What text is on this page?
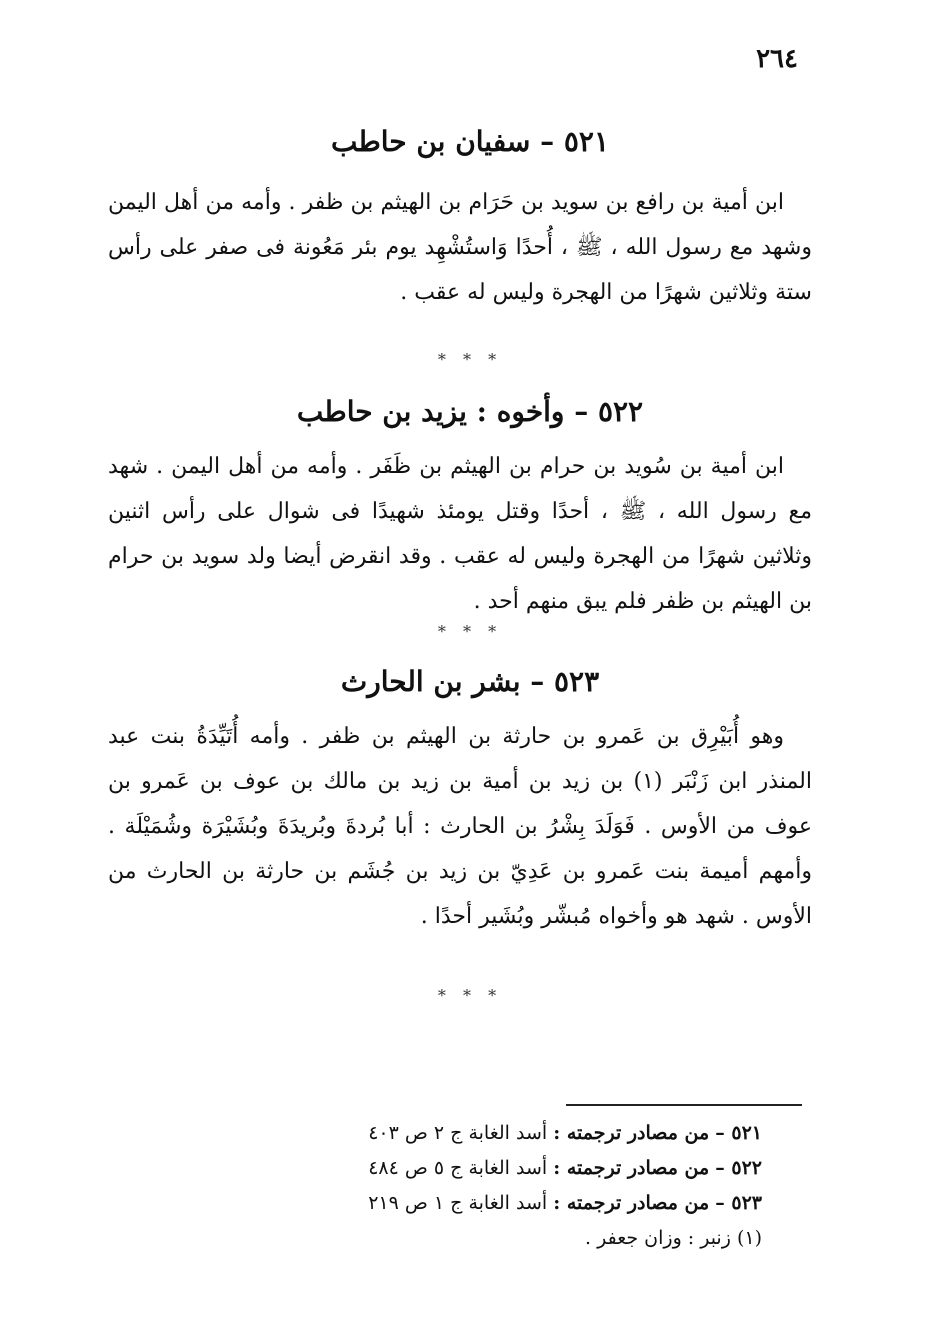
٢٦٤
٥٢١ – سفيان بن حاطب

ابن أمية بن رافع بن سويد بن حَرَام بن الهيثم بن ظفر . وأمه من أهل اليمن وشهد مع رسول الله ، ﷺ ، أُحدًا وَاستُشْهِد يوم بئر مَعُونة فى صفر على رأس ستة وثلاثين شهرًا من الهجرة وليس له عقب .

* * *
٥٢٢ – وأخوه : يزيد بن حاطب

ابن أمية بن سُويد بن حرام بن الهيثم بن ظَفَر . وأمه من أهل اليمن . شهد مع رسول الله ، ﷺ ، أحدًا وقتل يومئذ شهيدًا فى شوال على رأس اثنين وثلاثين شهرًا من الهجرة وليس له عقب . وقد انقرض أيضا ولد سويد بن حرام بن الهيثم بن ظفر فلم يبق منهم أحد .

* * *
٥٢٣ – بشر بن الحارث

وهو أُبَيْرِق بن عَمرو بن حارثة بن الهيثم بن ظفر . وأمه أُتَيِّدَةُ بنت عبد المنذر ابن زَنْبَر (١) بن زيد بن أمية بن زيد بن مالك بن عوف بن عَمرو بن عوف من الأوس . فَوَلَدَ بِشْرُ بن الحارث : أبا بُردةَ وبُريدَةَ وبُشَيْرَة وشُمَيْلَة . وأمهم أميمة بنت عَمرو بن عَدِيّ بن زيد بن جُشَم بن حارثة بن الحارث من الأوس . شهد هو وأخواه مُبشّر وبُشَير أحدًا .

* * *
٥٢١ – من مصادر ترجمته : أسد الغابة ج ٢ ص ٤٠٣
٥٢٢ – من مصادر ترجمته : أسد الغابة ج ٥ ص ٤٨٤
٥٢٣ – من مصادر ترجمته : أسد الغابة ج ١ ص ٢١٩
(١) زنبر : وزان جعفر .
